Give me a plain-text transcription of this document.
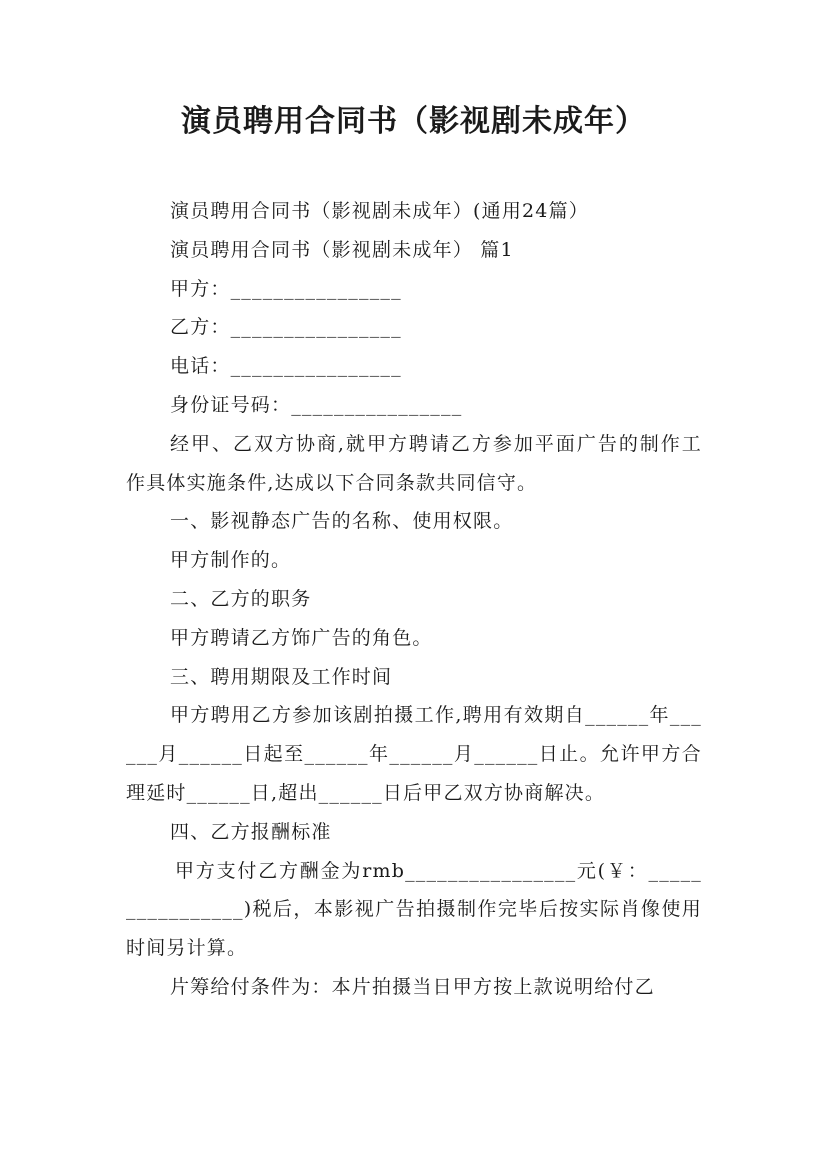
演员聘用合同书（影视剧未成年）

演员聘用合同书（影视剧未成年）(通用24篇）

演员聘用合同书（影视剧未成年） 篇1

甲方：________________

乙方：________________

电话：________________

身份证号码：________________

经甲、乙双方协商,就甲方聘请乙方参加平面广告的制作工作具体实施条件,达成以下合同条款共同信守。

一、影视静态广告的名称、使用权限。

甲方制作的。

二、乙方的职务

甲方聘请乙方饰广告的角色。

三、聘用期限及工作时间

甲方聘用乙方参加该剧拍摄工作,聘用有效期自______年______月______日起至______年______月______日止。允许甲方合理延时______日,超出______日后甲乙双方协商解决。

四、乙方报酬标准

甲方支付乙方酬金为rmb________________元(￥：________________)税后，本影视广告拍摄制作完毕后按实际肖像使用时间另计算。

片筹给付条件为：本片拍摄当日甲方按上款说明给付乙
